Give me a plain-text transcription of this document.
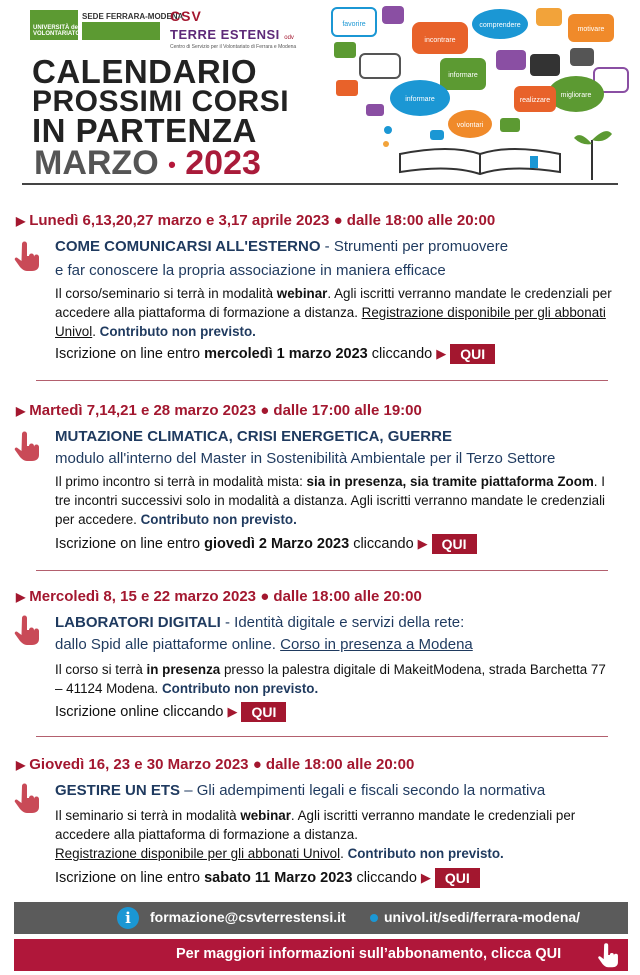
UNIVERSITÀ del VOLONTARIATO
SEDE FERRARA-MODENA
CSV
TERRE ESTENSI odv
Centro di Servizio per il Volontariato di Ferrara e Modena
CALENDARIO
PROSSIMI CORSI
IN PARTENZA
MARZO • 2023
favorire
incontrare
comprendere
motivare
informare
migliorare
informare	realizzare
volontari
▶ Lunedì 6,13,20,27 marzo e 3,17 aprile 2023 ● dalle 18:00 alle 20:00
COME COMUNICARSI ALL'ESTERNO - Strumenti per promuovere
e far conoscere la propria associazione in maniera efficace
Il corso/seminario si terrà in modalità webinar. Agli iscritti verranno mandate le credenziali per accedere alla piattaforma di formazione a distanza. Registrazione disponibile per gli abbonati Univol. Contributo non previsto.
Iscrizione on line entro mercoledì 1 marzo 2023 cliccando ▶ QUI
▶ Martedì 7,14,21 e 28 marzo 2023 ● dalle 17:00 alle 19:00
MUTAZIONE CLIMATICA, CRISI ENERGETICA, GUERRE
modulo all'interno del Master in Sostenibilità Ambientale per il Terzo Settore
Il primo incontro si terrà in modalità mista: sia in presenza, sia tramite piattaforma Zoom. I tre incontri successivi solo in modalità a distanza. Agli iscritti verranno mandate le credenziali per accedere. Contributo non previsto.
Iscrizione on line entro giovedì 2 Marzo 2023 cliccando ▶ QUI
▶ Mercoledì 8, 15 e 22 marzo 2023 ● dalle 18:00 alle 20:00
LABORATORI DIGITALI - Identità digitale e servizi della rete:
dallo Spid alle piattaforme online. Corso in presenza a Modena
Il corso si terrà in presenza presso la palestra digitale di MakeitModena, strada Barchetta 77 – 41124 Modena. Contributo non previsto.
Iscrizione online cliccando ▶ QUI
▶ Giovedì 16, 23 e 30 Marzo 2023 ● dalle 18:00 alle 20:00
GESTIRE UN ETS – Gli adempimenti legali e fiscali secondo la normativa
Il seminario si terrà in modalità webinar. Agli iscritti verranno mandate le credenziali per accedere alla piattaforma di formazione a distanza.
Registrazione disponibile per gli abbonati Univol. Contributo non previsto.
Iscrizione on line entro sabato 11 Marzo 2023 cliccando ▶ QUI
i	formazione@csvterrestensi.it	univol.it/sedi/ferrara-modena/
Per maggiori informazioni sull’abbonamento, clicca QUI
